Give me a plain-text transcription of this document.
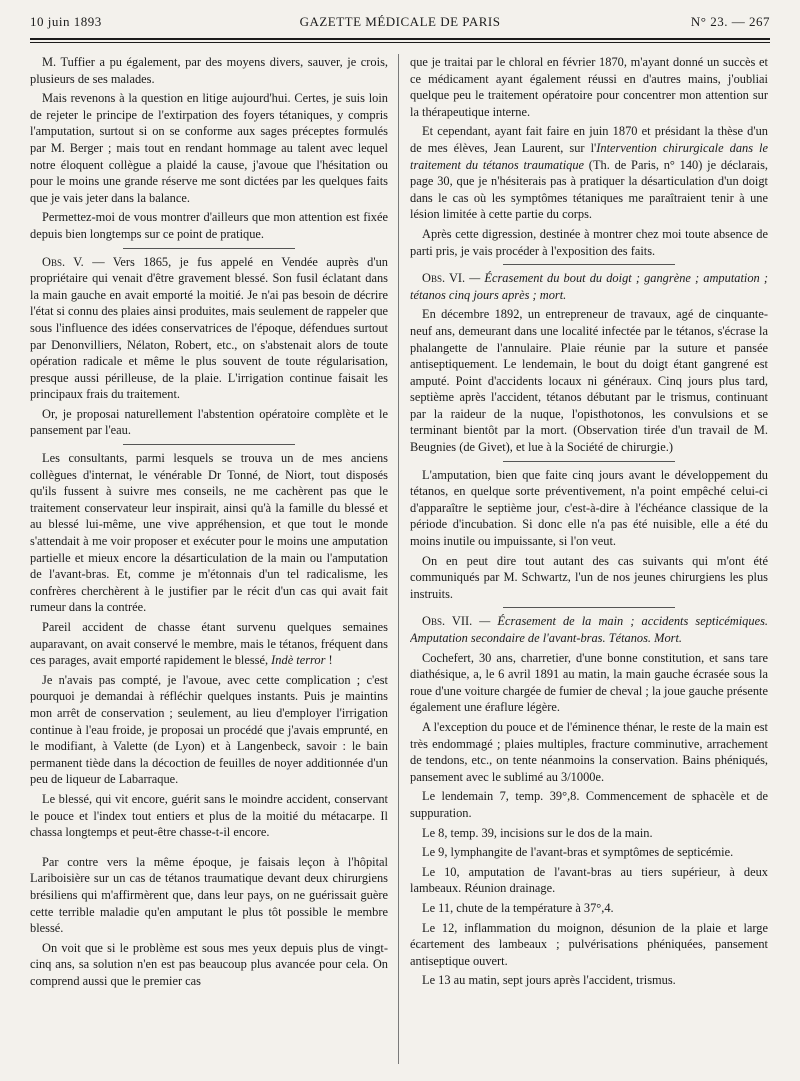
10 juin 1893	GAZETTE MÉDICALE DE PARIS	N° 23. — 267

M. Tuffier a pu également, par des moyens divers, sauver, je crois, plusieurs de ses malades.

Mais revenons à la question en litige aujourd'hui. Certes, je suis loin de rejeter le principe de l'extirpation des foyers tétaniques, y compris l'amputation, surtout si on se conforme aux sages préceptes formulés par M. Berger ; mais tout en rendant hommage au talent avec lequel notre éloquent collègue a plaidé la cause, j'avoue que l'hésitation ou pour le moins une grande réserve me sont dictées par les quelques faits que je vais jeter dans la balance.

Permettez-moi de vous montrer d'ailleurs que mon attention est fixée depuis bien longtemps sur ce point de pratique.

Obs. V. — Vers 1865, je fus appelé en Vendée auprès d'un propriétaire qui venait d'être gravement blessé. Son fusil éclatant dans la main gauche en avait emporté la moitié. Je n'ai pas besoin de décrire l'état si connu des plaies ainsi produites, mais seulement de rappeler que sous l'influence des idées conservatrices de l'époque, défendues surtout par Denonvilliers, Nélaton, Robert, etc., on s'abstenait alors de toute opération radicale et même le plus souvent de toute régularisation, presque aussi périlleuse, de la plaie. L'irrigation continue faisait les principaux frais du traitement.

Or, je proposai naturellement l'abstention opératoire complète et le pansement par l'eau.

Les consultants, parmi lesquels se trouva un de mes anciens collègues d'internat, le vénérable Dr Tonné, de Niort, tout disposés qu'ils fussent à suivre mes conseils, ne me cachèrent pas que le traitement conservateur leur inspirait, ainsi qu'à la famille du blessé et au blessé lui-même, une vive appréhension, et que tout le monde s'attendait à me voir proposer et exécuter pour le moins une amputation partielle et mieux encore la désarticulation de la main ou l'amputation de l'avant-bras. Et, comme je m'étonnais d'un tel radicalisme, les confrères cherchèrent à le justifier par le récit d'un cas qui avait fait rumeur dans la contrée.

Pareil accident de chasse étant survenu quelques semaines auparavant, on avait conservé le membre, mais le tétanos, fréquent dans ces parages, avait emporté rapidement le blessé, Indè terror !

Je n'avais pas compté, je l'avoue, avec cette complication ; c'est pourquoi je demandai à réfléchir quelques instants. Puis je maintins mon arrêt de conservation ; seulement, au lieu d'employer l'irrigation continue à l'eau froide, je proposai un procédé que j'avais emprunté, en le modifiant, à Valette (de Lyon) et à Langenbeck, savoir : le bain permanent tiède dans la décoction de feuilles de noyer additionnée d'un peu de liqueur de Labarraque.

Le blessé, qui vit encore, guérit sans le moindre accident, conservant le pouce et l'index tout entiers et plus de la moitié du métacarpe. Il chassa longtemps et peut-être chasse-t-il encore.

Par contre vers la même époque, je faisais leçon à l'hôpital Lariboisière sur un cas de tétanos traumatique devant deux chirurgiens brésiliens qui m'affirmèrent que, dans leur pays, on ne guérissait guère cette terrible maladie qu'en amputant le plus tôt possible le membre blessé.

On voit que si le problème est sous mes yeux depuis plus de vingt-cinq ans, sa solution n'en est pas beaucoup plus avancée pour cela. On comprend aussi que le premier cas

que je traitai par le chloral en février 1870, m'ayant donné un succès et ce médicament ayant également réussi en d'autres mains, j'oubliai quelque peu le traitement opératoire pour concentrer mon attention sur la thérapeutique interne.

Et cependant, ayant fait faire en juin 1870 et présidant la thèse d'un de mes élèves, Jean Laurent, sur l'Intervention chirurgicale dans le traitement du tétanos traumatique (Th. de Paris, n° 140) je déclarais, page 30, que je n'hésiterais pas à pratiquer la désarticulation d'un doigt dans le cas où les symptômes tétaniques me paraîtraient tenir à une lésion limitée à cette partie du corps.

Après cette digression, destinée à montrer chez moi toute absence de parti pris, je vais procéder à l'exposition des faits.

Obs. VI. — Écrasement du bout du doigt ; gangrène ; amputation ; tétanos cinq jours après ; mort.

En décembre 1892, un entrepreneur de travaux, agé de cinquante-neuf ans, demeurant dans une localité infectée par le tétanos, s'écrase la phalangette de l'annulaire. Plaie réunie par la suture et pansée antiseptiquement. Le lendemain, le bout du doigt étant gangrené est amputé. Point d'accidents locaux ni généraux. Cinq jours plus tard, septième après l'accident, tétanos débutant par le trismus, continuant par la raideur de la nuque, l'opisthotonos, les convulsions et se terminant bientôt par la mort. (Observation tirée d'un travail de M. Beugnies (de Givet), et lue à la Société de chirurgie.)

L'amputation, bien que faite cinq jours avant le développement du tétanos, en quelque sorte préventivement, n'a point empêché celui-ci d'apparaître le septième jour, c'est-à-dire à l'échéance classique de la période d'incubation. Si donc elle n'a pas été nuisible, elle a été du moins inutile ou impuissante, si l'on veut.

On en peut dire tout autant des cas suivants qui m'ont été communiqués par M. Schwartz, l'un de nos jeunes chirurgiens les plus instruits.

Obs. VII. — Écrasement de la main ; accidents septicémiques. Amputation secondaire de l'avant-bras. Tétanos. Mort.

Cochefert, 30 ans, charretier, d'une bonne constitution, et sans tare diathésique, a, le 6 avril 1891 au matin, la main gauche écrasée sous la roue d'une voiture chargée de fumier de cheval ; la joue gauche présente également une éraflure légère.

A l'exception du pouce et de l'éminence thénar, le reste de la main est très endommagé ; plaies multiples, fracture comminutive, arrachement de tendons, etc., on tente néanmoins la conservation. Bains phéniqués, pansement avec le sublimé au 3/1000e.

Le lendemain 7, temp. 39°,8. Commencement de sphacèle et de suppuration.

Le 8, temp. 39, incisions sur le dos de la main.

Le 9, lymphangite de l'avant-bras et symptômes de septicémie.

Le 10, amputation de l'avant-bras au tiers supérieur, à deux lambeaux. Réunion drainage.

Le 11, chute de la température à 37°,4.

Le 12, inflammation du moignon, désunion de la plaie et large écartement des lambeaux ; pulvérisations phéniquées, pansement antiseptique ouvert.

Le 13 au matin, sept jours après l'accident, trismus.
